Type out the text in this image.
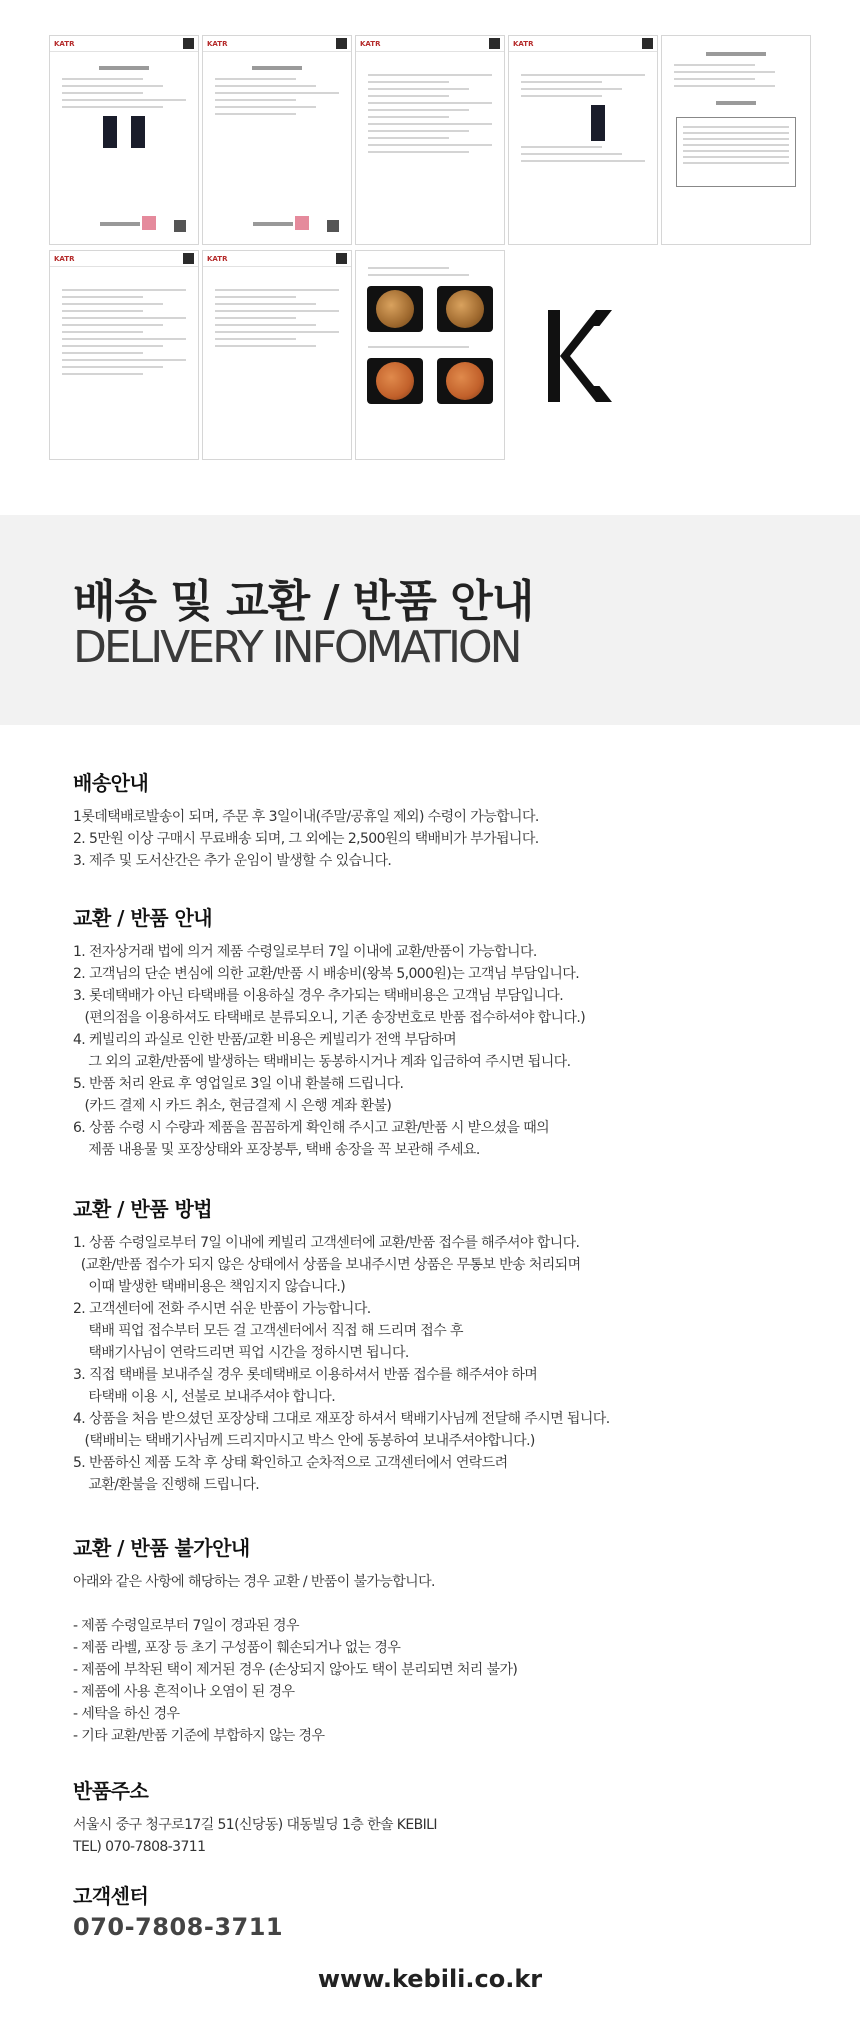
KATR	KATR	KATR	KATR
KATR	KATR
배송 및 교환 / 반품 안내
DELIVERY INFOMATION
배송안내

1롯데택배로발송이 되며, 주문 후 3일이내(주말/공휴일 제외) 수령이 가능합니다.

2. 5만원 이상 구매시 무료배송 되며, 그 외에는 2,500원의 택배비가 부가됩니다.

3. 제주 및 도서산간은 추가 운임이 발생할 수 있습니다.

교환 / 반품 안내

1. 전자상거래 법에 의거 제품 수령일로부터 7일 이내에 교환/반품이 가능합니다.

2. 고객님의 단순 변심에 의한 교환/반품 시 배송비(왕복 5,000원)는 고객님 부담입니다.

3. 롯데택배가 아닌 타택배를 이용하실 경우 추가되는 택배비용은 고객님 부담입니다.

(편의점을 이용하셔도 타택배로 분류되오니, 기존 송장번호로 반품 접수하셔야 합니다.)

4. 케빌리의 과실로 인한 반품/교환 비용은 케빌리가 전액 부담하며

그 외의 교환/반품에 발생하는 택배비는 동봉하시거나 계좌 입금하여 주시면 됩니다.

5. 반품 처리 완료 후 영업일로 3일 이내 환불해 드립니다.

(카드 결제 시 카드 취소, 현금결제 시 은행 계좌 환불)

6. 상품 수령 시 수량과 제품을 꼼꼼하게 확인해 주시고 교환/반품 시 받으셨을 때의

제품 내용물 및 포장상태와 포장봉투, 택배 송장을 꼭 보관해 주세요.

교환 / 반품 방법

1. 상품 수령일로부터 7일 이내에 케빌리 고객센터에 교환/반품 접수를 해주셔야 합니다.

(교환/반품 접수가 되지 않은 상태에서 상품을 보내주시면 상품은 무통보 반송 처리되며

이때 발생한 택배비용은 책임지지 않습니다.)

2. 고객센터에 전화 주시면 쉬운 반품이 가능합니다.

택배 픽업 접수부터 모든 걸 고객센터에서 직접 해 드리며 접수 후

택배기사님이 연락드리면 픽업 시간을 정하시면 됩니다.

3. 직접 택배를 보내주실 경우 롯데택배로 이용하셔서 반품 접수를 해주셔야 하며

타택배 이용 시, 선불로 보내주셔야 합니다.

4. 상품을 처음 받으셨던 포장상태 그대로 재포장 하셔서 택배기사님께 전달해 주시면 됩니다.

(택배비는 택배기사님께 드리지마시고 박스 안에 동봉하여 보내주셔야합니다.)

5. 반품하신 제품 도착 후 상태 확인하고 순차적으로 고객센터에서 연락드려

교환/환불을 진행해 드립니다.

교환 / 반품 불가안내

아래와 같은 사항에 해당하는 경우 교환 / 반품이 불가능합니다.

- 제품 수령일로부터 7일이 경과된 경우

- 제품 라벨, 포장 등 초기 구성품이 훼손되거나 없는 경우

- 제품에 부착된 택이 제거된 경우 (손상되지 않아도 택이 분리되면 처리 불가)

- 제품에 사용 흔적이나 오염이 된 경우

- 세탁을 하신 경우

- 기타 교환/반품 기준에 부합하지 않는 경우

반품주소

서울시 중구 청구로17길 51(신당동) 대동빌딩 1층 한솔 KEBILI

TEL) 070-7808-3711

고객센터
070-7808-3711
www.kebili.co.kr
